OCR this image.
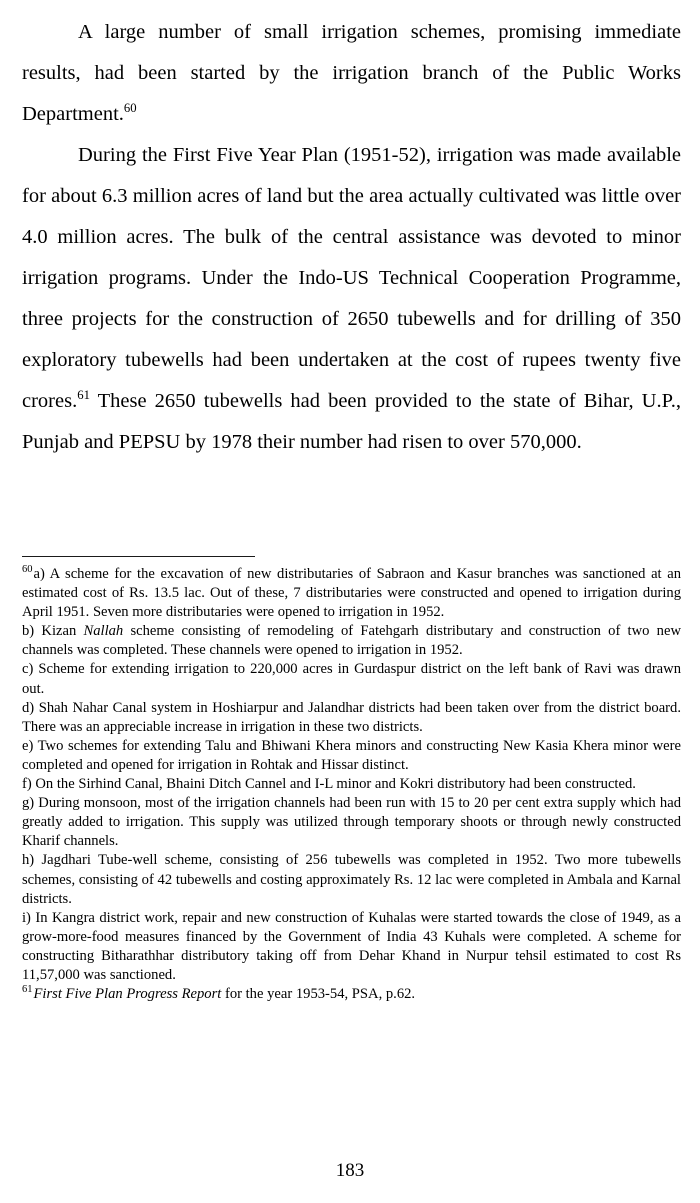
A large number of small irrigation schemes, promising immediate results, had been started by the irrigation branch of the Public Works Department.$^{60}$

During the First Five Year Plan (1951-52), irrigation was made available for about 6.3 million acres of land but the area actually cultivated was little over 4.0 million acres. The bulk of the central assistance was devoted to minor irrigation programs. Under the Indo-US Technical Cooperation Programme, three projects for the construction of 2650 tubewells and for drilling of 350 exploratory tubewells had been undertaken at the cost of rupees twenty five crores.$^{61}$ These 2650 tubewells had been provided to the state of Bihar, U.P., Punjab and PEPSU by 1978 their number had risen to over 570,000.

$^{60}$a) A scheme for the excavation of new distributaries of Sabraon and Kasur branches was sanctioned at an estimated cost of Rs. 13.5 lac. Out of these, 7 distributaries were constructed and opened to irrigation during April 1951. Seven more distributaries were opened to irrigation in 1952.

b) Kizan Nallah scheme consisting of remodeling of Fatehgarh distributary and construction of two new channels was completed. These channels were opened to irrigation in 1952.

c) Scheme for extending irrigation to 220,000 acres in Gurdaspur district on the left bank of Ravi was drawn out.

d) Shah Nahar Canal system in Hoshiarpur and Jalandhar districts had been taken over from the district board. There was an appreciable increase in irrigation in these two districts.

e) Two schemes for extending Talu and Bhiwani Khera minors and constructing New Kasia Khera minor were completed and opened for irrigation in Rohtak and Hissar distinct.

f) On the Sirhind Canal, Bhaini Ditch Cannel and I-L minor and Kokri distributory had been constructed.

g) During monsoon, most of the irrigation channels had been run with 15 to 20 per cent extra supply which had greatly added to irrigation. This supply was utilized through temporary shoots or through newly constructed Kharif channels.

h) Jagdhari Tube-well scheme, consisting of 256 tubewells was completed in 1952. Two more tubewells schemes, consisting of 42 tubewells and costing approximately Rs. 12 lac were completed in Ambala and Karnal districts.

i) In Kangra district work, repair and new construction of Kuhalas were started towards the close of 1949, as a grow-more-food measures financed by the Government of India 43 Kuhals were completed. A scheme for constructing Bitharathhar distributory taking off from Dehar Khand in Nurpur tehsil estimated to cost Rs 11,57,000 was sanctioned.

$^{61}$First Five Plan Progress Report for the year 1953-54, PSA, p.62.

183
